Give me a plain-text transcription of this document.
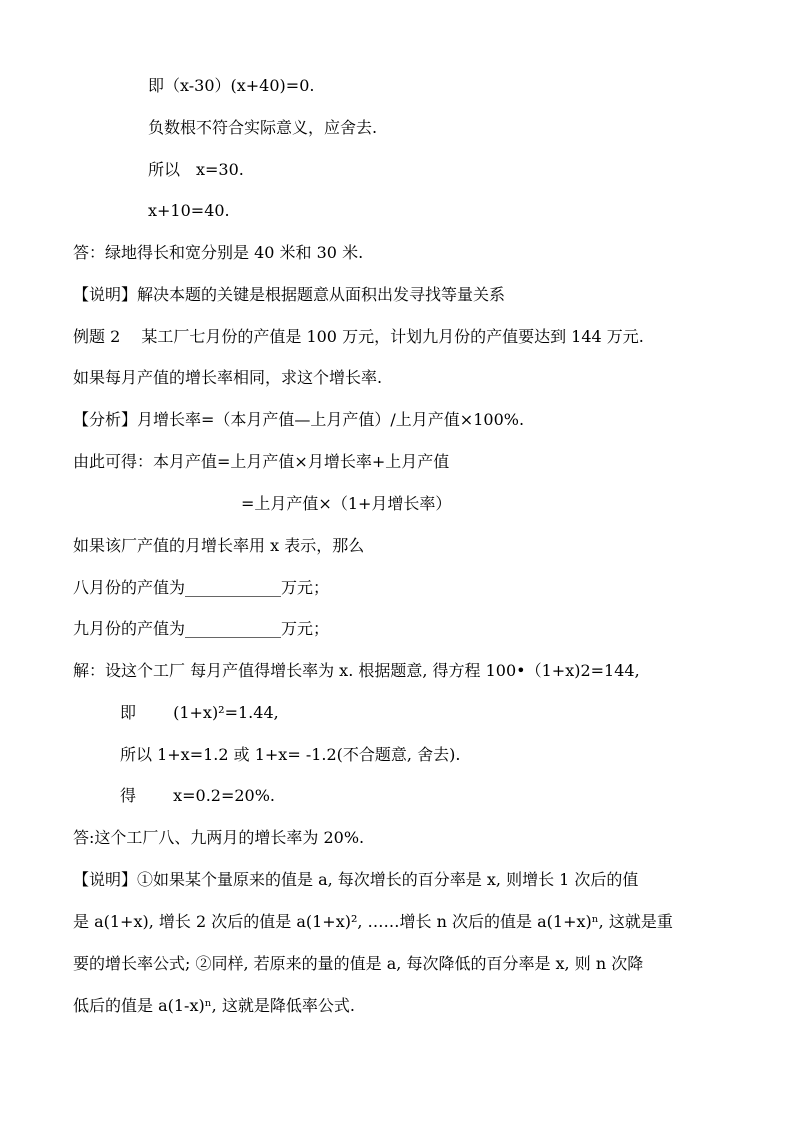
即（x-30）(x+40)=0.
负数根不符合实际意义，应舍去.
所以　x=30.
x+10=40.
答：绿地得长和宽分别是 40 米和 30 米.
【说明】解决本题的关键是根据题意从面积出发寻找等量关系
例题 2　 某工厂七月份的产值是 100 万元，计划九月份的产值要达到 144 万元.
如果每月产值的增长率相同，求这个增长率.
【分析】月增长率=（本月产值—上月产值）/上月产值×100%.
由此可得：本月产值=上月产值×月增长率+上月产值
=上月产值×（1+月增长率）
如果该厂产值的月增长率用 x 表示，那么
八月份的产值为____________万元；
九月份的产值为____________万元；
解：设这个工厂 每月产值得增长率为 x. 根据题意, 得方程 100•（1+x)2=144,
即　　 (1+x)²=1.44,
所以 1+x=1.2 或 1+x= -1.2(不合题意, 舍去).
得　　 x=0.2=20%.
答:这个工厂八、九两月的增长率为 20%.
【说明】①如果某个量原来的值是 a, 每次增长的百分率是 x, 则增长 1 次后的值
是 a(1+x), 增长 2 次后的值是 a(1+x)², ……增长 n 次后的值是 a(1+x)ⁿ, 这就是重
要的增长率公式; ②同样, 若原来的量的值是 a, 每次降低的百分率是 x, 则 n 次降
低后的值是 a(1-x)ⁿ, 这就是降低率公式.
